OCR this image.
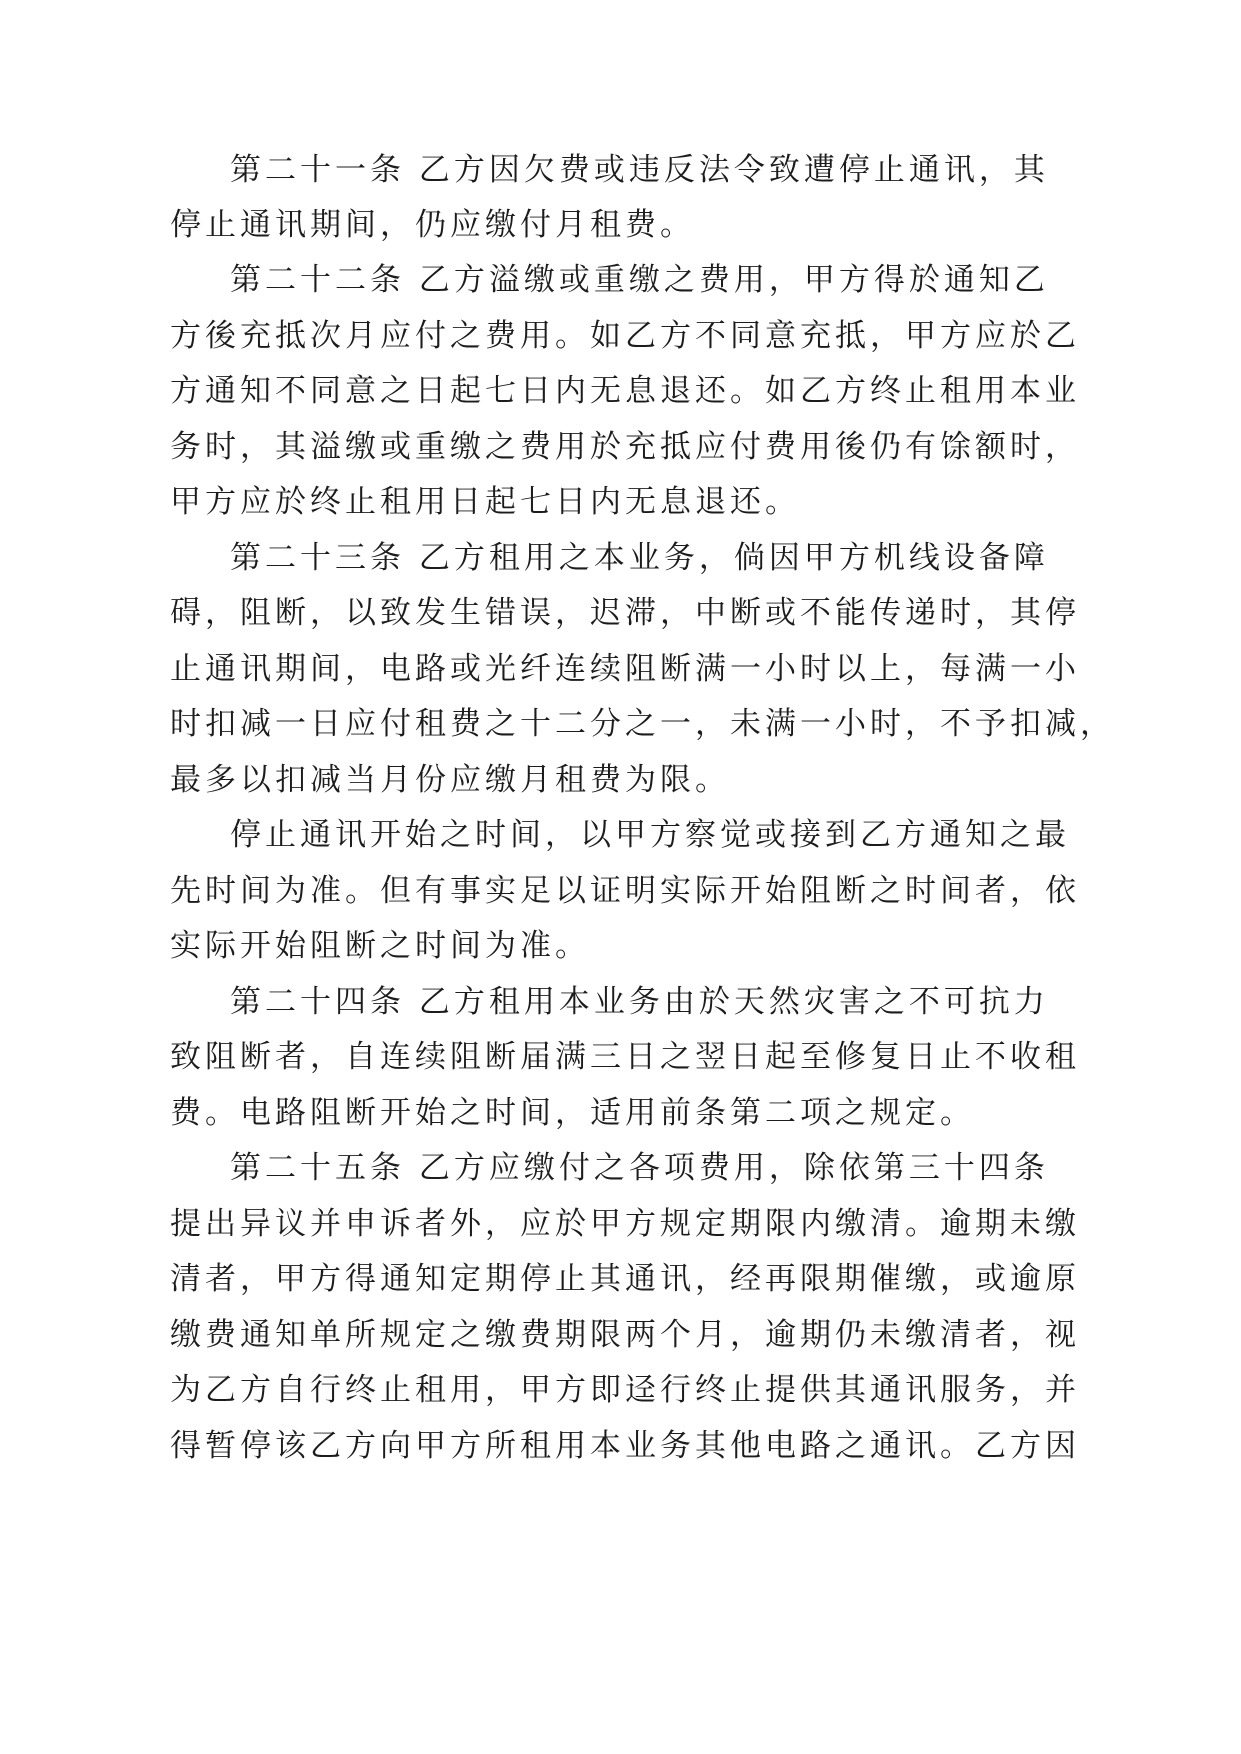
第二十一条 乙方因欠费或违反法令致遭停止通讯，其

停止通讯期间，仍应缴付月租费。

第二十二条 乙方溢缴或重缴之费用，甲方得於通知乙

方後充抵次月应付之费用。如乙方不同意充抵，甲方应於乙

方通知不同意之日起七日内无息退还。如乙方终止租用本业

务时，其溢缴或重缴之费用於充抵应付费用後仍有馀额时，

甲方应於终止租用日起七日内无息退还。

第二十三条 乙方租用之本业务，倘因甲方机线设备障

碍，阻断，以致发生错误，迟滞，中断或不能传递时，其停

止通讯期间，电路或光纤连续阻断满一小时以上，每满一小

时扣减一日应付租费之十二分之一，未满一小时，不予扣减，

最多以扣减当月份应缴月租费为限。

停止通讯开始之时间，以甲方察觉或接到乙方通知之最

先时间为准。但有事实足以证明实际开始阻断之时间者，依

实际开始阻断之时间为准。

第二十四条 乙方租用本业务由於天然灾害之不可抗力

致阻断者，自连续阻断届满三日之翌日起至修复日止不收租

费。电路阻断开始之时间，适用前条第二项之规定。

第二十五条 乙方应缴付之各项费用，除依第三十四条

提出异议并申诉者外，应於甲方规定期限内缴清。逾期未缴

清者，甲方得通知定期停止其通讯，经再限期催缴，或逾原

缴费通知单所规定之缴费期限两个月，逾期仍未缴清者，视

为乙方自行终止租用，甲方即迳行终止提供其通讯服务，并

得暂停该乙方向甲方所租用本业务其他电路之通讯。乙方因
